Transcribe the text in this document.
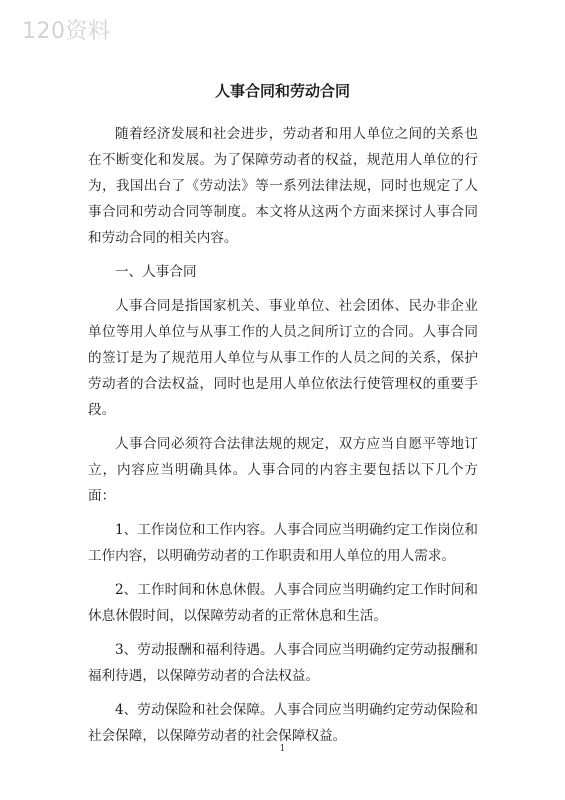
120资料
人事合同和劳动合同

随着经济发展和社会进步，劳动者和用人单位之间的关系也在不断变化和发展。为了保障劳动者的权益，规范用人单位的行为，我国出台了《劳动法》等一系列法律法规，同时也规定了人事合同和劳动合同等制度。本文将从这两个方面来探讨人事合同和劳动合同的相关内容。

一、人事合同

人事合同是指国家机关、事业单位、社会团体、民办非企业单位等用人单位与从事工作的人员之间所订立的合同。人事合同的签订是为了规范用人单位与从事工作的人员之间的关系，保护劳动者的合法权益，同时也是用人单位依法行使管理权的重要手段。

人事合同必须符合法律法规的规定，双方应当自愿平等地订立，内容应当明确具体。人事合同的内容主要包括以下几个方面：

1、工作岗位和工作内容。人事合同应当明确约定工作岗位和工作内容，以明确劳动者的工作职责和用人单位的用人需求。

2、工作时间和休息休假。人事合同应当明确约定工作时间和休息休假时间，以保障劳动者的正常休息和生活。

3、劳动报酬和福利待遇。人事合同应当明确约定劳动报酬和福利待遇，以保障劳动者的合法权益。

4、劳动保险和社会保障。人事合同应当明确约定劳动保险和社会保障，以保障劳动者的社会保障权益。

1
